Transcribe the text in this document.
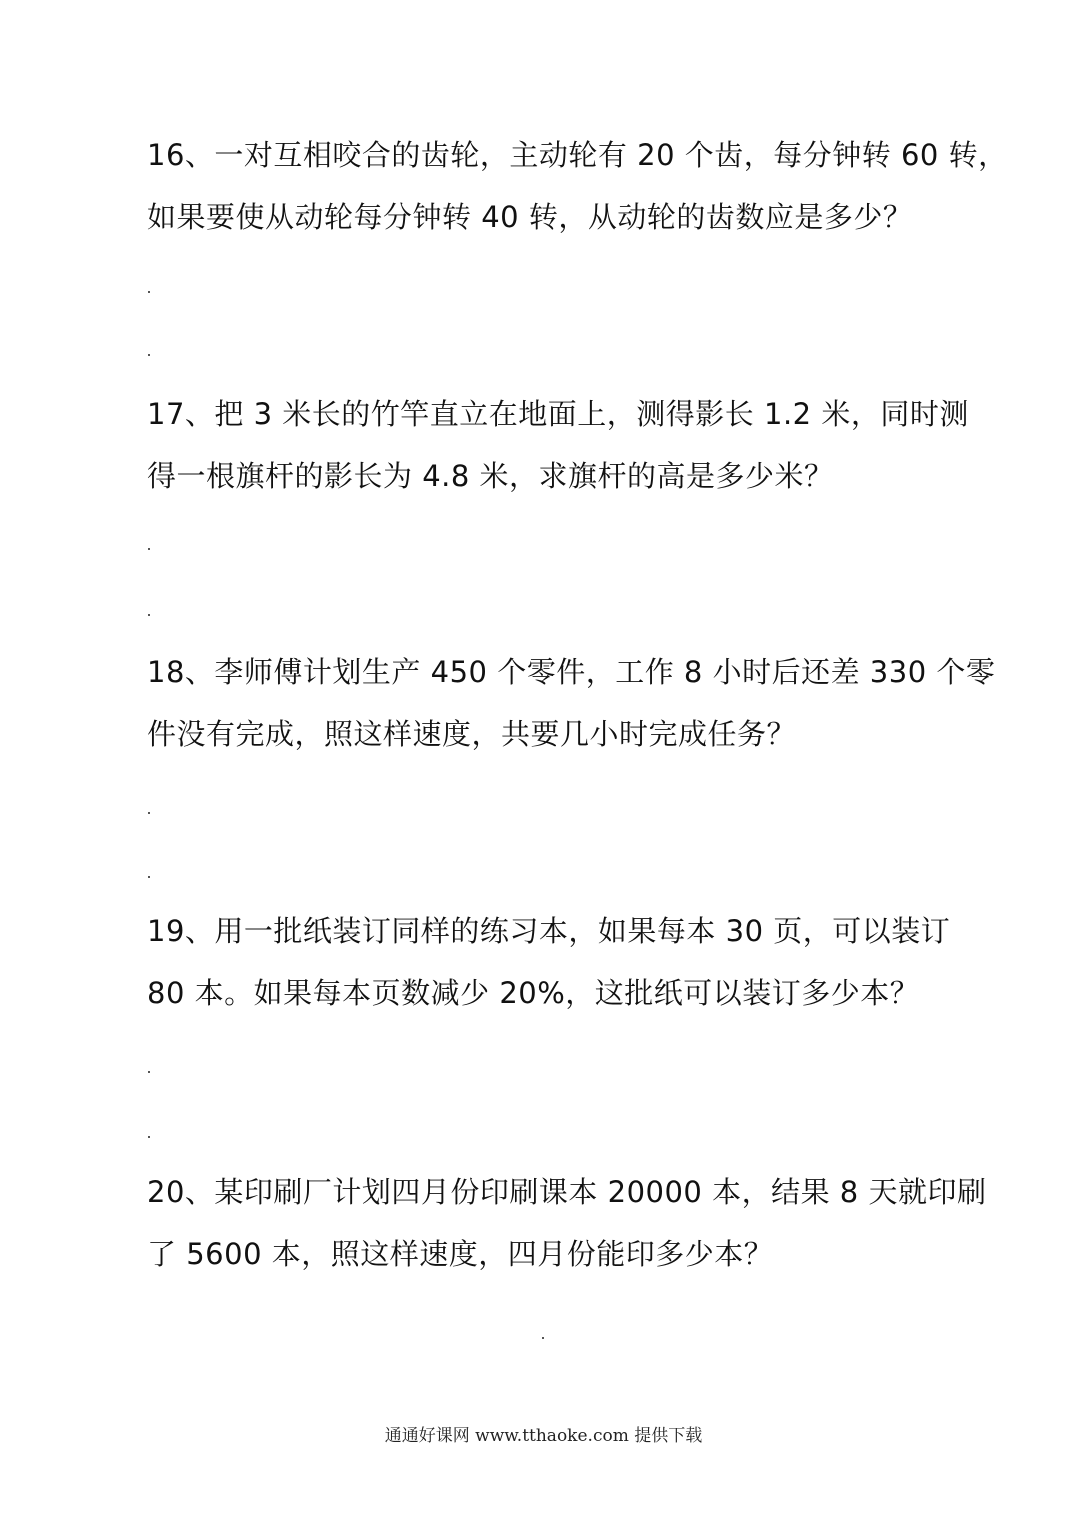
16、一对互相咬合的齿轮，主动轮有 20 个齿，每分钟转 60 转，
如果要使从动轮每分钟转 40 转，从动轮的齿数应是多少？
17、把 3 米长的竹竿直立在地面上，测得影长 1.2 米，同时测
得一根旗杆的影长为 4.8 米，求旗杆的高是多少米？
18、李师傅计划生产 450 个零件，工作 8 小时后还差 330 个零
件没有完成，照这样速度，共要几小时完成任务？
19、用一批纸装订同样的练习本，如果每本 30 页，可以装订
80 本。如果每本页数减少 20%，这批纸可以装订多少本？
20、某印刷厂计划四月份印刷课本 20000 本，结果 8 天就印刷
了 5600 本，照这样速度，四月份能印多少本？
通通好课网 www.tthaoke.com 提供下载
